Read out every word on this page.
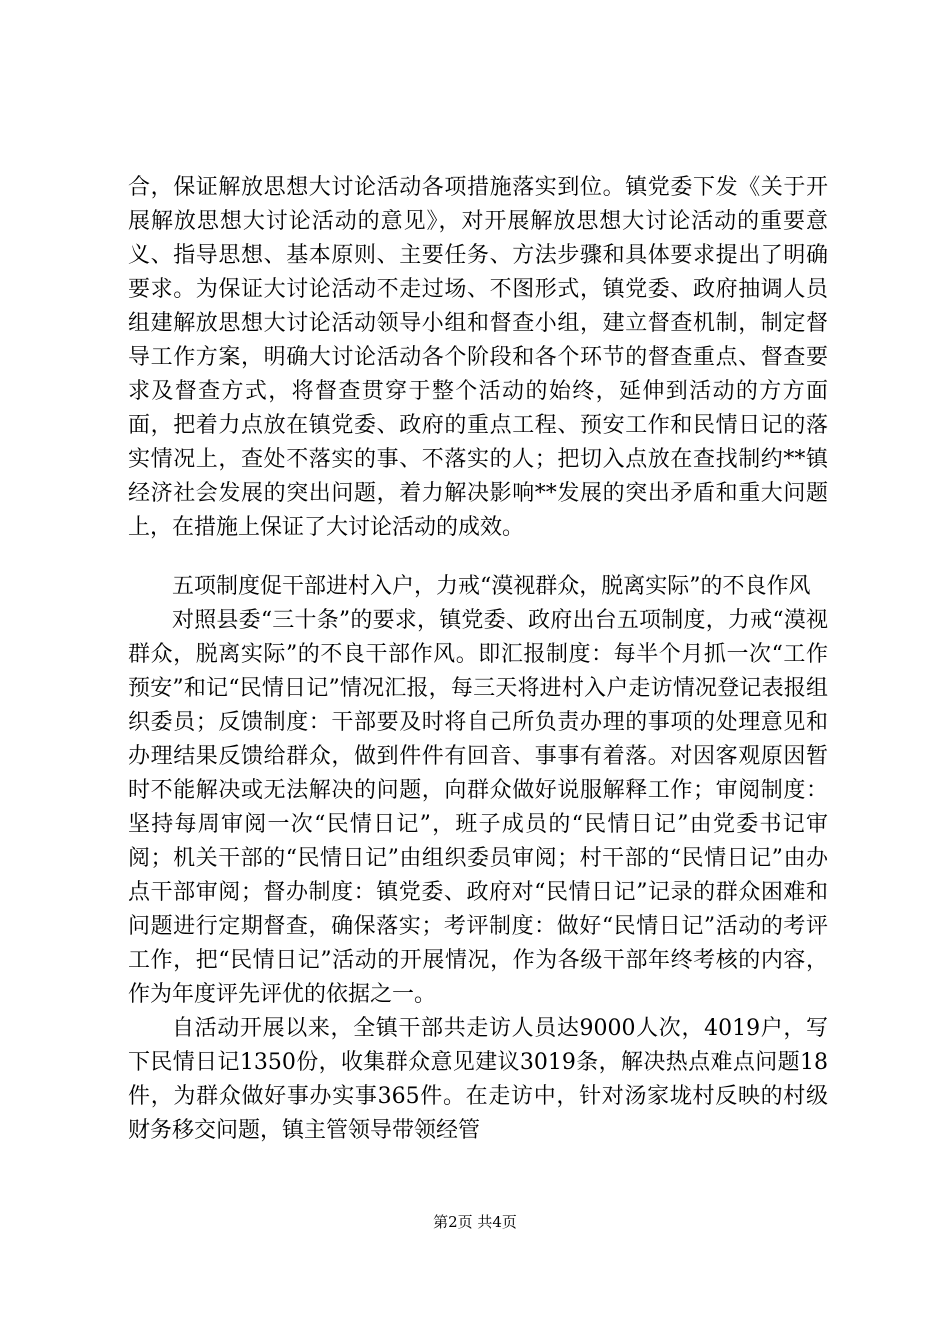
合，保证解放思想大讨论活动各项措施落实到位。镇党委下发《关于开展解放思想大讨论活动的意见》，对开展解放思想大讨论活动的重要意义、指导思想、基本原则、主要任务、方法步骤和具体要求提出了明确要求。为保证大讨论活动不走过场、不图形式，镇党委、政府抽调人员组建解放思想大讨论活动领导小组和督查小组，建立督查机制，制定督导工作方案，明确大讨论活动各个阶段和各个环节的督查重点、督查要求及督查方式，将督查贯穿于整个活动的始终，延伸到活动的方方面面，把着力点放在镇党委、政府的重点工程、预安工作和民情日记的落实情况上，查处不落实的事、不落实的人；把切入点放在查找制约**镇经济社会发展的突出问题，着力解决影响**发展的突出矛盾和重大问题上，在措施上保证了大讨论活动的成效。

五项制度促干部进村入户，力戒“漠视群众，脱离实际”的不良作风

对照县委“三十条”的要求，镇党委、政府出台五项制度，力戒“漠视群众，脱离实际”的不良干部作风。即汇报制度：每半个月抓一次“工作预安”和记“民情日记”情况汇报，每三天将进村入户走访情况登记表报组织委员；反馈制度：干部要及时将自己所负责办理的事项的处理意见和办理结果反馈给群众，做到件件有回音、事事有着落。对因客观原因暂时不能解决或无法解决的问题，向群众做好说服解释工作；审阅制度：坚持每周审阅一次“民情日记”，班子成员的“民情日记”由党委书记审阅；机关干部的“民情日记”由组织委员审阅；村干部的“民情日记”由办点干部审阅；督办制度：镇党委、政府对“民情日记”记录的群众困难和问题进行定期督查，确保落实；考评制度：做好“民情日记”活动的考评工作，把“民情日记”活动的开展情况，作为各级干部年终考核的内容，作为年度评先评优的依据之一。

自活动开展以来，全镇干部共走访人员达9000人次，4019户，写下民情日记1350份，收集群众意见建议3019条，解决热点难点问题18件，为群众做好事办实事365件。在走访中，针对汤家垅村反映的村级财务移交问题，镇主管领导带领经管

第2页 共4页
